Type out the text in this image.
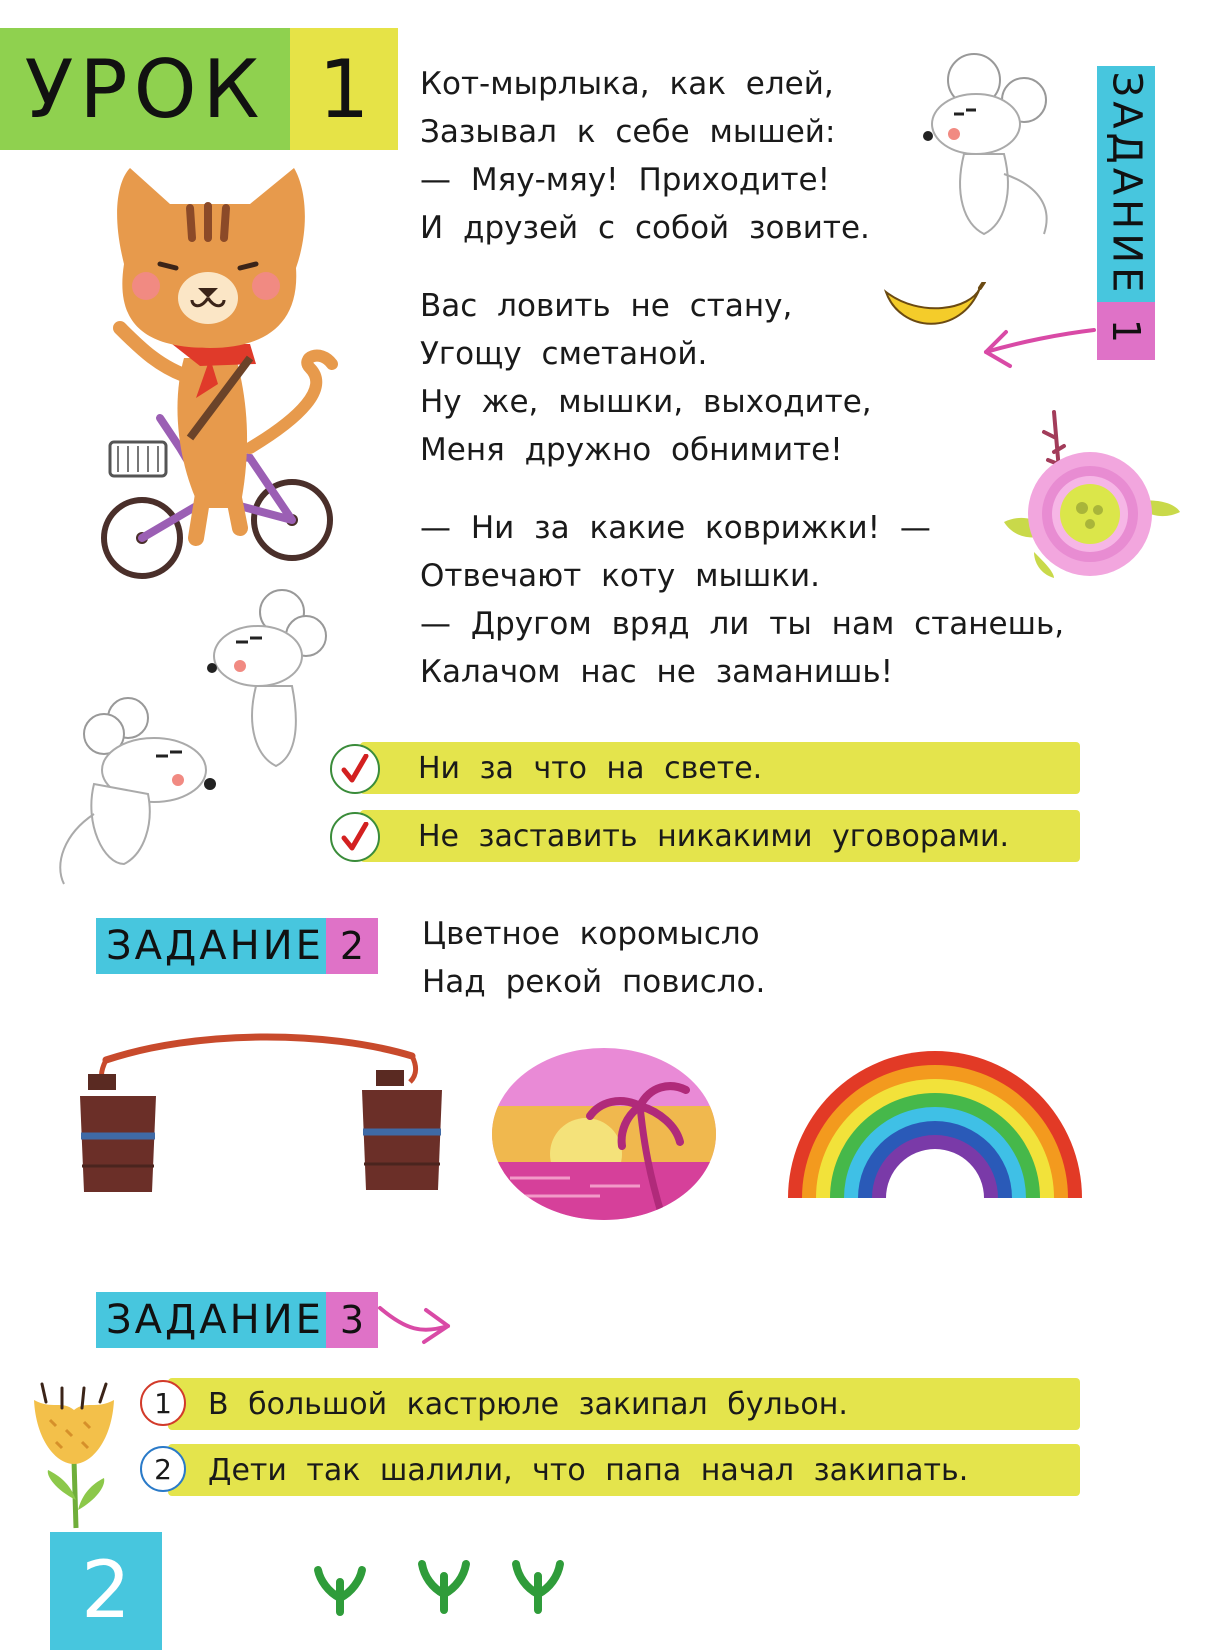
УРОК 1	Кот-мырлыка, как елей,

Зазывал к себе мышей:

— Мяу-мяу! Приходите!

И друзей с собой зовите.

Вас ловить не стану,

Угощу сметаной.

Ну же, мышки, выходите,

Меня дружно обнимите!

— Ни за какие коврижки! —

Отвечают коту мышки.

— Другом вряд ли ты нам станешь,

Калачом нас не заманишь!

ЗАДАНИЕ
1
Ни за что на свете.
Не заставить никакими уговорами.
ЗАДАНИЕ 2	Цветное коромысло

Над рекой повисло.

ЗАДАНИЕ 3
В большой кастрюле закипал бульон.
1
Дети так шалили, что папа начал закипать.
2
2
